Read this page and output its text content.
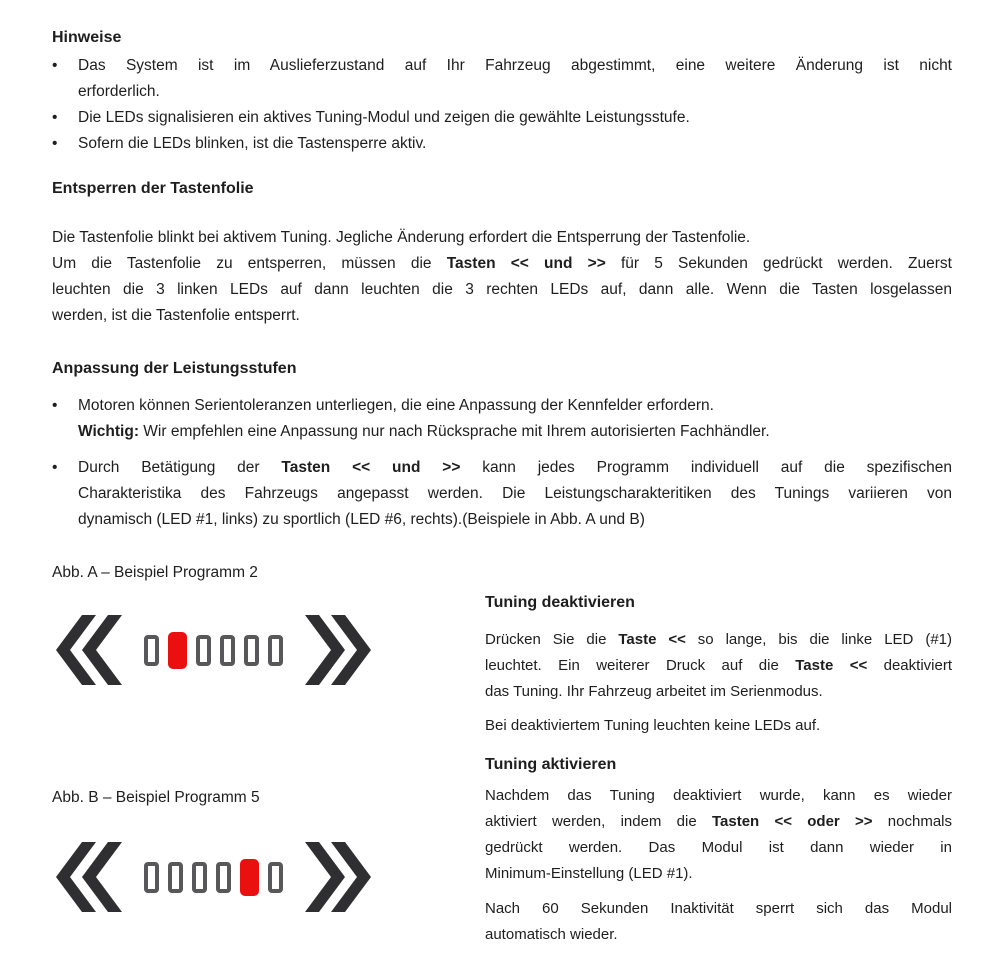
Hinweise
•	Das System ist im Auslieferzustand auf Ihr Fahrzeug abgestimmt, eine weitere Änderung ist nicht
erforderlich.
•	Die LEDs signalisieren ein aktives Tuning-Modul und zeigen die gewählte Leistungsstufe.
•	Sofern die LEDs blinken, ist die Tastensperre aktiv.
Entsperren der Tastenfolie
Die Tastenfolie blinkt bei aktivem Tuning. Jegliche Änderung erfordert die Entsperrung der Tastenfolie.
Um die Tastenfolie zu entsperren, müssen die Tasten << und >> für 5 Sekunden gedrückt werden. Zuerst
leuchten die 3 linken LEDs auf dann leuchten die 3 rechten LEDs auf, dann alle. Wenn die Tasten losgelassen
werden, ist die Tastenfolie entsperrt.
Anpassung der Leistungsstufen
•	Motoren können Serientoleranzen unterliegen, die eine Anpassung der Kennfelder erfordern.
Wichtig: Wir empfehlen eine Anpassung nur nach Rücksprache mit Ihrem autorisierten Fachhändler.
•	Durch Betätigung der Tasten << und >> kann jedes Programm individuell auf die spezifischen
Charakteristika des Fahrzeugs angepasst werden. Die Leistungscharakteritiken des Tunings variieren von
dynamisch (LED #1, links) zu sportlich (LED #6, rechts).(Beispiele in Abb. A und B)
Abb. A – Beispiel Programm 2
Abb. B – Beispiel Programm 5
Tuning deaktivieren
Drücken Sie die Taste << so lange, bis die linke LED (#1)
leuchtet. Ein weiterer Druck auf die Taste << deaktiviert
das Tuning. Ihr Fahrzeug arbeitet im Serienmodus.
Bei deaktiviertem Tuning leuchten keine LEDs auf.
Tuning aktivieren
Nachdem das Tuning deaktiviert wurde, kann es wieder
aktiviert werden, indem die Tasten << oder >> nochmals
gedrückt werden. Das Modul ist dann wieder in
Minimum-Einstellung (LED #1).
Nach 60 Sekunden Inaktivität sperrt sich das Modul
automatisch wieder.
